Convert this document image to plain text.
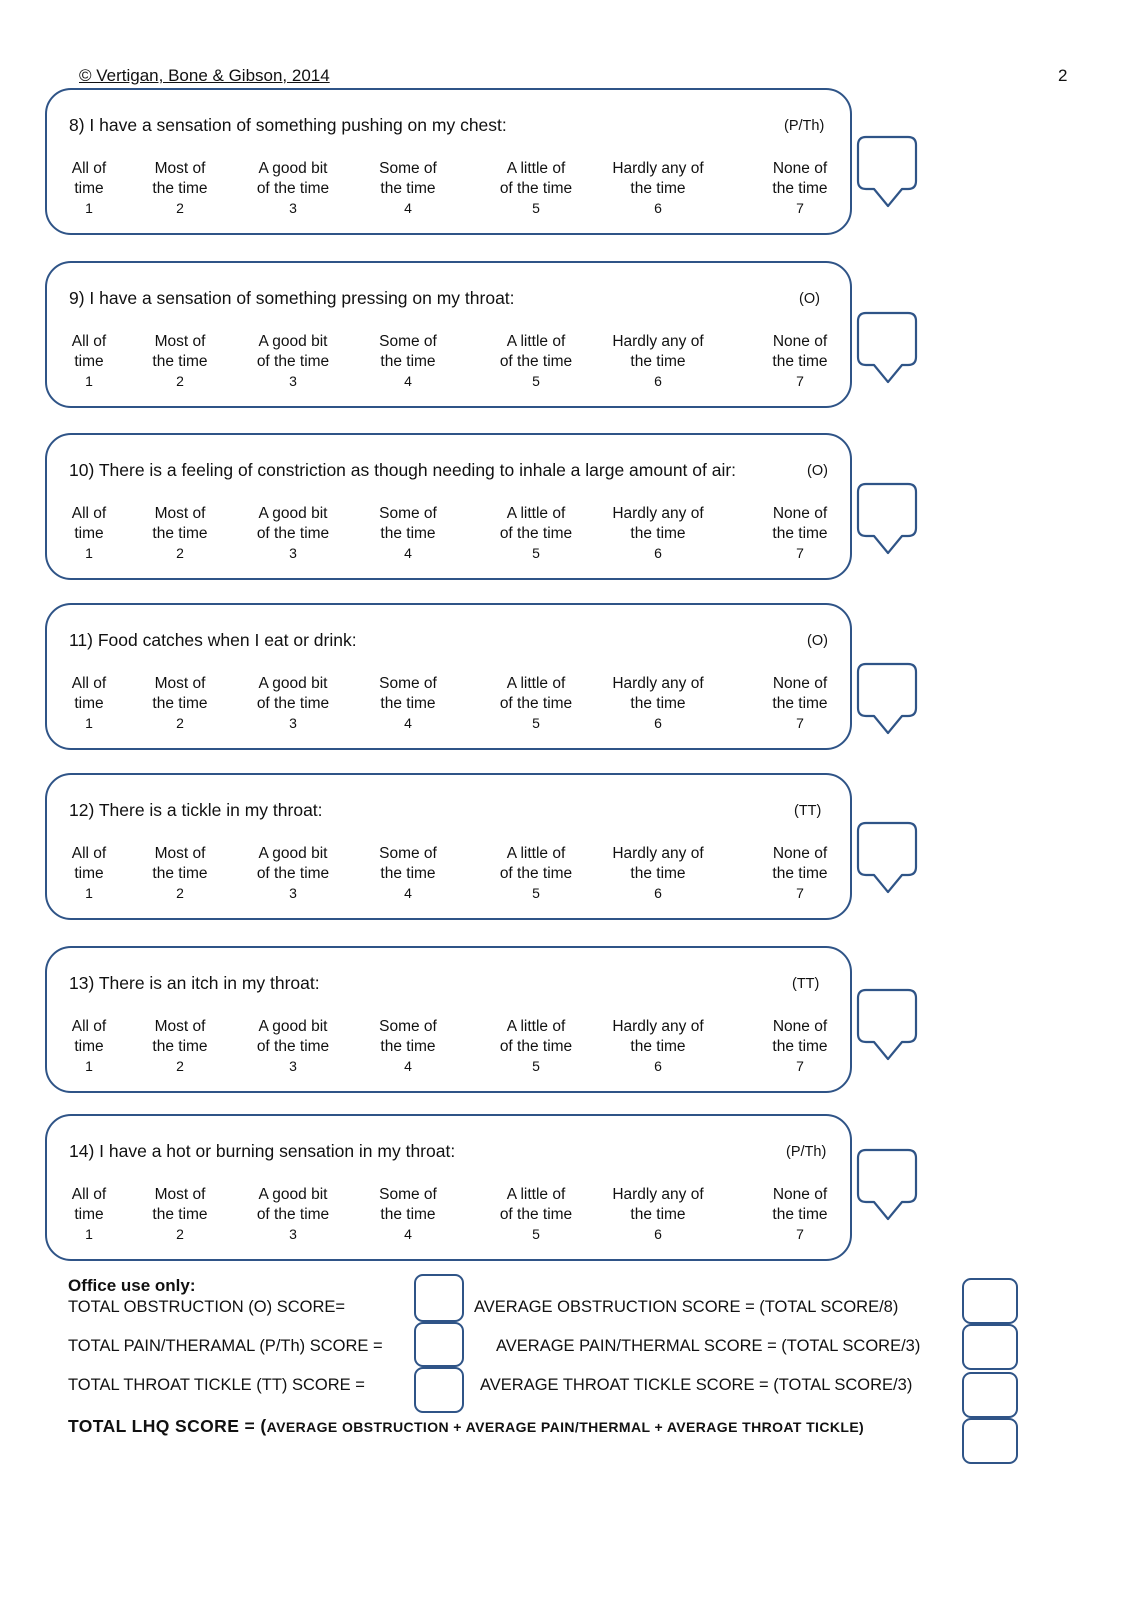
© Vertigan, Bone & Gibson, 2014	2
8) I have a sensation of something pushing on my chest:	(P/Th)
All of
time
1
Most of
the time
2
A good bit
of the time
3
Some of
the time
4
A little of
of the time
5
Hardly any of
the time
6
None of
the time
7
9) I have a sensation of something pressing on my throat:	(O)
All of
time
1
Most of
the time
2
A good bit
of the time
3
Some of
the time
4
A little of
of the time
5
Hardly any of
the time
6
None of
the time
7
10) There is a feeling of constriction as though needing to inhale a large amount of air:	(O)
All of
time
1
Most of
the time
2
A good bit
of the time
3
Some of
the time
4
A little of
of the time
5
Hardly any of
the time
6
None of
the time
7
11) Food catches when I eat or drink:	(O)
All of
time
1
Most of
the time
2
A good bit
of the time
3
Some of
the time
4
A little of
of the time
5
Hardly any of
the time
6
None of
the time
7
12) There is a tickle in my throat:	(TT)
All of
time
1
Most of
the time
2
A good bit
of the time
3
Some of
the time
4
A little of
of the time
5
Hardly any of
the time
6
None of
the time
7
13) There is an itch in my throat:	(TT)
All of
time
1
Most of
the time
2
A good bit
of the time
3
Some of
the time
4
A little of
of the time
5
Hardly any of
the time
6
None of
the time
7
14) I have a hot or burning sensation in my throat:	(P/Th)
All of
time
1
Most of
the time
2
A good bit
of the time
3
Some of
the time
4
A little of
of the time
5
Hardly any of
the time
6
None of
the time
7
Office use only:
TOTAL OBSTRUCTION (O) SCORE=
TOTAL PAIN/THERAMAL (P/Th) SCORE =
TOTAL THROAT TICKLE (TT) SCORE =
AVERAGE OBSTRUCTION SCORE = (TOTAL SCORE/8)
AVERAGE PAIN/THERMAL SCORE = (TOTAL SCORE/3)
AVERAGE THROAT TICKLE SCORE = (TOTAL SCORE/3)
TOTAL LHQ SCORE = (AVERAGE OBSTRUCTION + AVERAGE PAIN/THERMAL + AVERAGE THROAT TICKLE)
